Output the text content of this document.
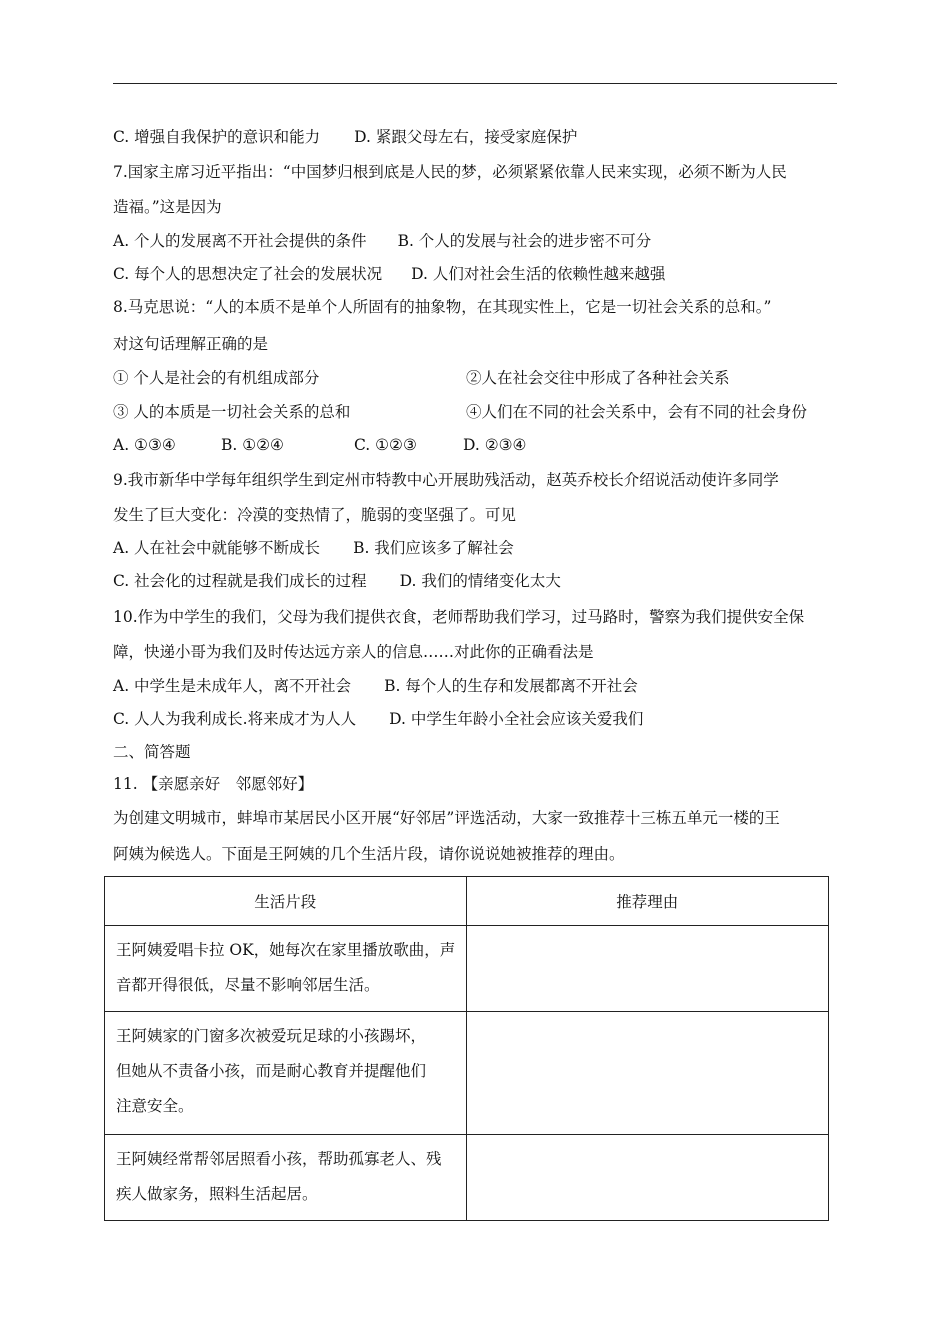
C. 增强自我保护的意识和能力 D. 紧跟父母左右，接受家庭保护
7.国家主席习近平指出：“中国梦归根到底是人民的梦，必须紧紧依靠人民来实现，必须不断为人民
造福。”这是因为
A. 个人的发展离不开社会提供的条件 B. 个人的发展与社会的进步密不可分
C. 每个人的思想决定了社会的发展状况 D. 人们对社会生活的依赖性越来越强
8.马克思说：“人的本质不是单个人所固有的抽象物，在其现实性上，它是一切社会关系的总和。”
对这句话理解正确的是
① 个人是社会的有机组成部分	②人在社会交往中形成了各种社会关系
③ 人的本质是一切社会关系的总和	④人们在不同的社会关系中，会有不同的社会身份
A. ①③④	B. ①②④	C. ①②③	D. ②③④
9.我市新华中学每年组织学生到定州市特教中心开展助残活动，赵英乔校长介绍说活动使许多同学
发生了巨大变化：冷漠的变热情了，脆弱的变坚强了。可见
A. 人在社会中就能够不断成长 B. 我们应该多了解社会
C. 社会化的过程就是我们成长的过程 D. 我们的情绪变化太大
10.作为中学生的我们，父母为我们提供衣食，老师帮助我们学习，过马路时，警察为我们提供安全保
障，快递小哥为我们及时传达远方亲人的信息……对此你的正确看法是
A. 中学生是未成年人，离不开社会 B. 每个人的生存和发展都离不开社会
C. 人人为我利成长.将来成才为人人 D. 中学生年龄小全社会应该关爱我们
二、简答题
11. 【亲愿亲好　邻愿邻好】
为创建文明城市，蚌埠市某居民小区开展“好邻居”评选活动，大家一致推荐十三栋五单元一楼的王
阿姨为候选人。下面是王阿姨的几个生活片段，请你说说她被推荐的理由。
生活片段	推荐理由

王阿姨爱唱卡拉 OK，她每次在家里播放歌曲，声
音都开得很低，尽量不影响邻居生活。	

王阿姨家的门窗多次被爱玩足球的小孩踢坏，
但她从不责备小孩，而是耐心教育并提醒他们
注意安全。	

王阿姨经常帮邻居照看小孩，帮助孤寡老人、残
疾人做家务，照料生活起居。	
